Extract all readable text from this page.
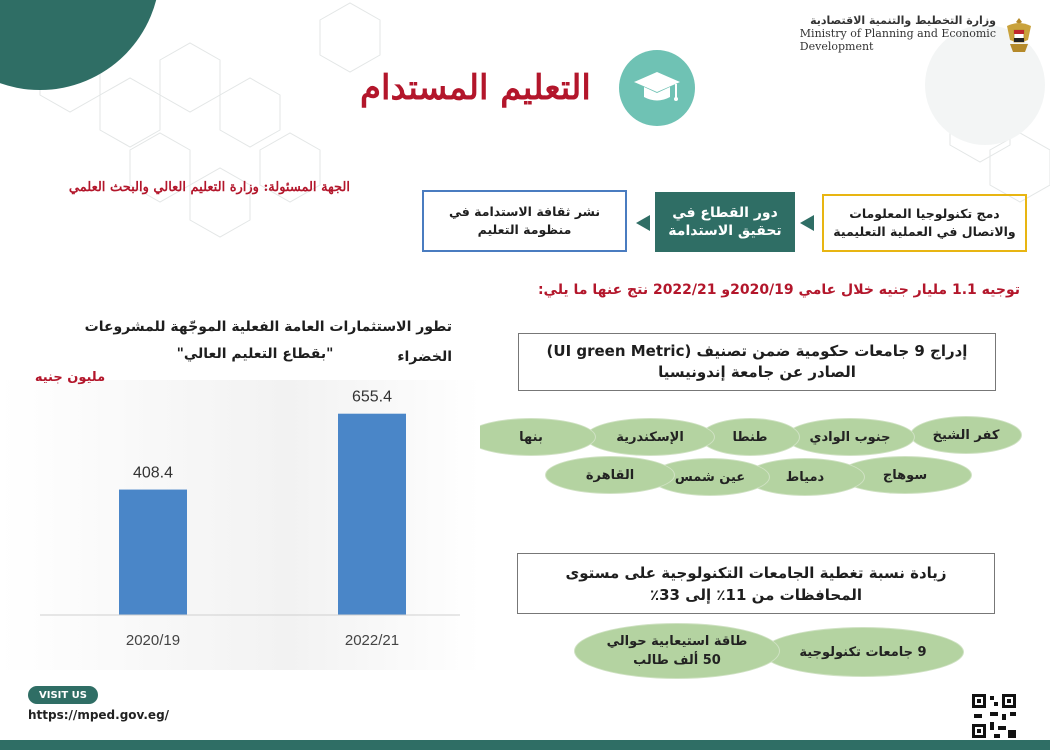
وزارة التخطيط والتنمية الاقتصادية
Ministry of Planning and Economic
Development
التعليم المستدام
الجهة المسئولة: وزارة التعليم العالي والبحث العلمي
دمج تكنولوجيا المعلومات والاتصال في العملية التعليمية
دور القطاع في تحقيق الاستدامة
نشر ثقافة الاستدامة في منظومة التعليم
توجيه 1.1 مليار جنيه خلال عامي 2020/19و 2022/21 نتج عنها ما يلي:
إدراج 9 جامعات حكومية ضمن تصنيف (UI green Metric)
الصادر عن جامعة إندونيسيا
كفر الشيخ
جنوب الوادي
طنطا
الإسكندرية
بنها
سوهاج
دمياط
عين شمس
القاهرة
زيادة نسبة تغطية الجامعات التكنولوجية على مستوى
المحافظات من 11٪ إلى 33٪
9 جامعات تكنولوجية
طاقة استيعابية حوالي 50 ألف طالب
تطور الاستثمارات العامة الفعلية الموجّهة للمشروعات الخضراء
"بقطاع التعليم العالي"
مليون جنيه
408.4
2020/19
655.4
2022/21
VISIT US
https://mped.gov.eg/
